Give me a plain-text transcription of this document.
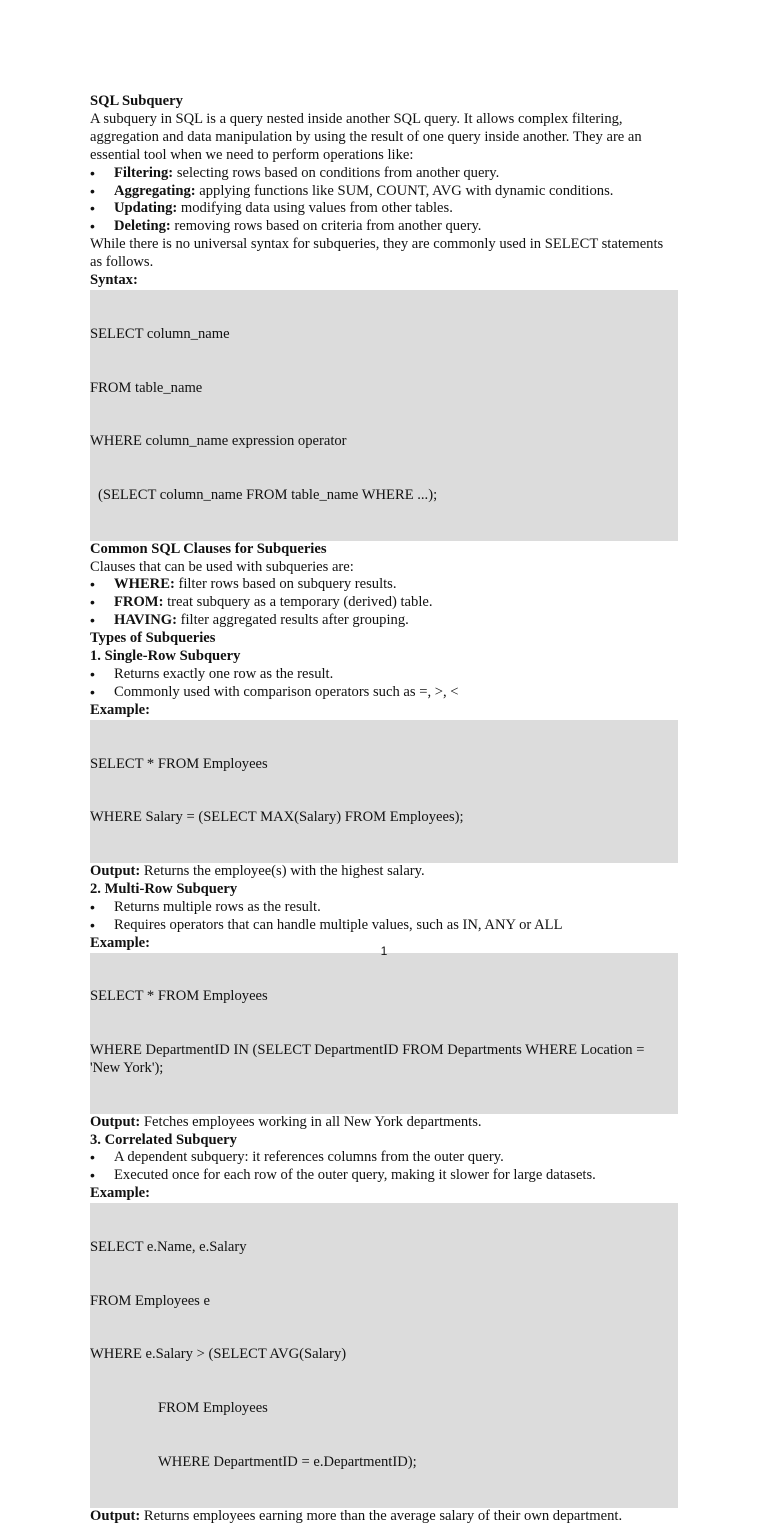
SQL Subquery

A subquery in SQL is a query nested inside another SQL query. It allows complex filtering, aggregation and data manipulation by using the result of one query inside another. They are an essential tool when we need to perform operations like:

• Filtering: selecting rows based on conditions from another query.
• Aggregating: applying functions like SUM, COUNT, AVG with dynamic conditions.
• Updating: modifying data using values from other tables.
• Deleting: removing rows based on criteria from another query.

While there is no universal syntax for subqueries, they are commonly used in SELECT statements as follows.

Syntax:

SELECT column_name

FROM table_name

WHERE column_name expression operator

(SELECT column_name FROM table_name WHERE ...);

Common SQL Clauses for Subqueries

Clauses that can be used with subqueries are:

• WHERE: filter rows based on subquery results.
• FROM: treat subquery as a temporary (derived) table.
• HAVING: filter aggregated results after grouping.

Types of Subqueries

1. Single-Row Subquery

• Returns exactly one row as the result.
• Commonly used with comparison operators such as =, >, <

Example:

SELECT * FROM Employees

WHERE Salary = (SELECT MAX(Salary) FROM Employees);

Output: Returns the employee(s) with the highest salary.

2. Multi-Row Subquery

• Returns multiple rows as the result.
• Requires operators that can handle multiple values, such as IN, ANY or ALL

Example:

SELECT * FROM Employees

WHERE DepartmentID IN (SELECT DepartmentID FROM Departments WHERE Location = 'New York');

Output: Fetches employees working in all New York departments.

3. Correlated Subquery

• A dependent subquery: it references columns from the outer query.
• Executed once for each row of the outer query, making it slower for large datasets.

Example:

SELECT e.Name, e.Salary

FROM Employees e

WHERE e.Salary > (SELECT AVG(Salary)

FROM Employees

WHERE DepartmentID = e.DepartmentID);

Output: Returns employees earning more than the average salary of their own department.

1
